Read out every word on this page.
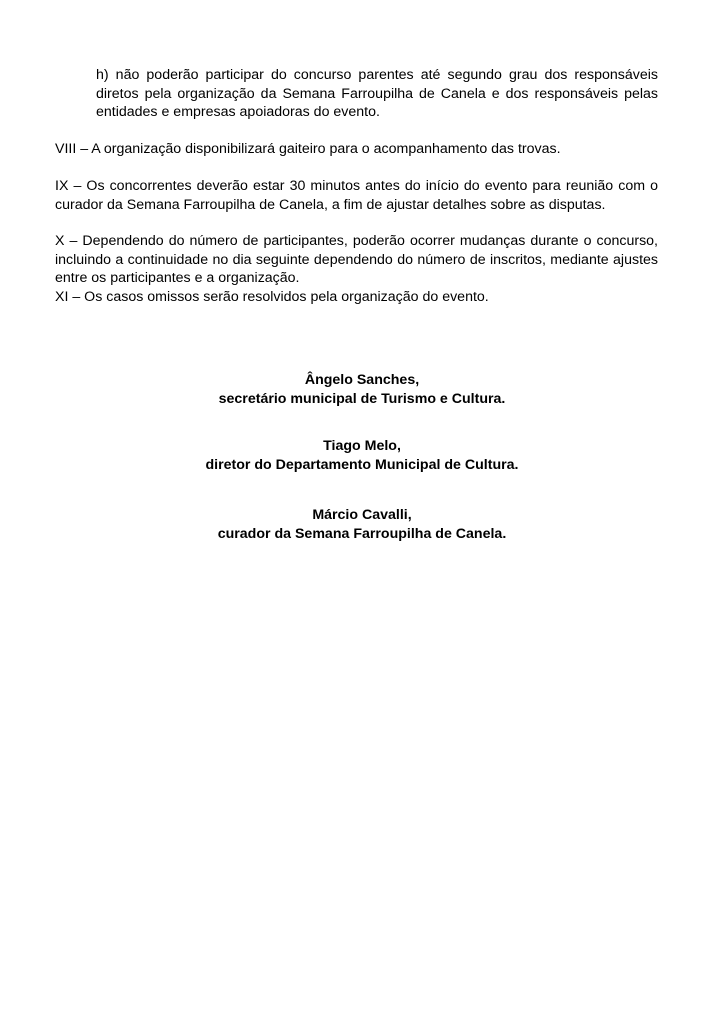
h) não poderão participar do concurso parentes até segundo grau dos responsáveis diretos pela organização da Semana Farroupilha de Canela e dos responsáveis pelas entidades e empresas apoiadoras do evento.

VIII – A organização disponibilizará gaiteiro para o acompanhamento das trovas.

IX – Os concorrentes deverão estar 30 minutos antes do início do evento para reunião com o curador da Semana Farroupilha de Canela, a fim de ajustar detalhes sobre as disputas.

X – Dependendo do número de participantes, poderão ocorrer mudanças durante o concurso, incluindo a continuidade no dia seguinte dependendo do número de inscritos, mediante ajustes entre os participantes e a organização.

XI – Os casos omissos serão resolvidos pela organização do evento.

Ângelo Sanches,
secretário municipal de Turismo e Cultura.
Tiago Melo,
diretor do Departamento Municipal de Cultura.
Márcio Cavalli,
curador da Semana Farroupilha de Canela.
